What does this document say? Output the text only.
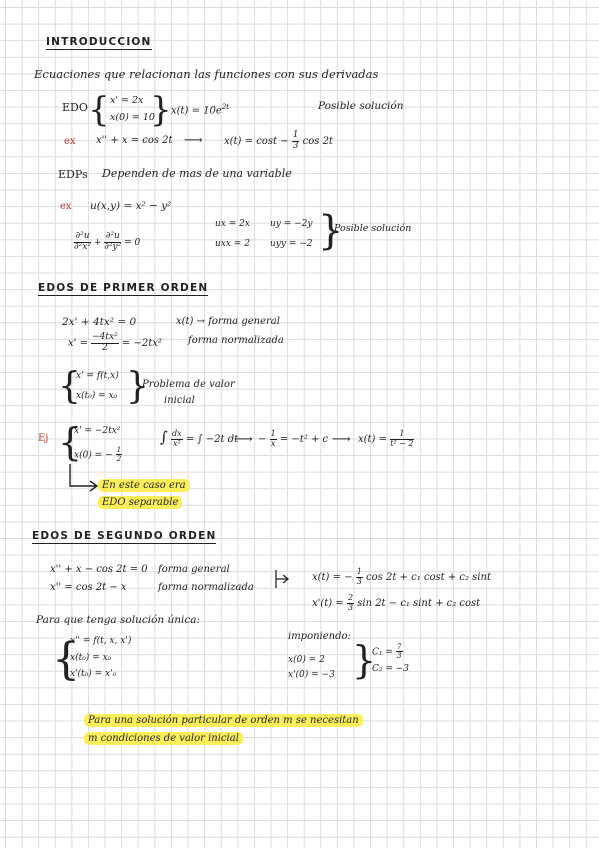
INTRODUCCION
Ecuaciones que relacionan las funciones con sus derivadas
EDO { x' = 2x
x(0) = 10
} $x(t) = 10e^{2t}$	Posible solución
ex x'' + x = cos 2t ⟶ $x(t) = \cos t - \frac{1}{3}$ cos 2t
EDPs Dependen de mas de una variable
ex u(x,y) = x² − y²
$\frac{\text{∂²u}}{\text{∂²x²}} + \frac{\text{∂²u}}{\text{∂²y²}} = 0$
ux = 2x uy = −2y
uxx = 2 uyy = −2 }
Posible solución
EDOS DE PRIMER ORDEN
2x' + 4tx² = 0	x(t) → forma general
$x' = \frac{\text{−4tx²}}{2} = -2tx^2$	forma normalizada
{
x' = f(t,x)
x(t₀) = x₀ }
Problema de valor
inicial
Ej {
x' = −2tx²
x(0) = − $\frac{1}{2}$
∫ $\frac{dx}{\text{x²}}$ = ∫ −2t dt
⟶ − $\frac{1}{x} = -t^2 + c$ ⟶ $x(t) = \frac{1}{\text{t² − 2}}$
En este caso era
EDO separable
EDOS DE SEGUNDO ORDEN
x'' + x − cos 2t = 0 forma general
x'' = cos 2t − x	forma normalizada
x(t) = − $\frac{1}{3}$ cos 2t + c₁ cost + c₂ sint
$x'(t) = \frac{2}{3}$ sin 2t − c₁ sint + c₂ cost
Para que tenga solución única:
{
x'' = f(t, x, x')
x(t₀) = x₀
x'(t₀) = x'₀
imponiendo:
x(0) = 2
x'(0) = −3 }
$C_1 = \frac{7}{3}$
C₂ = −3
Para una solución particular de orden m se necesitan
m condiciones de valor inicial
